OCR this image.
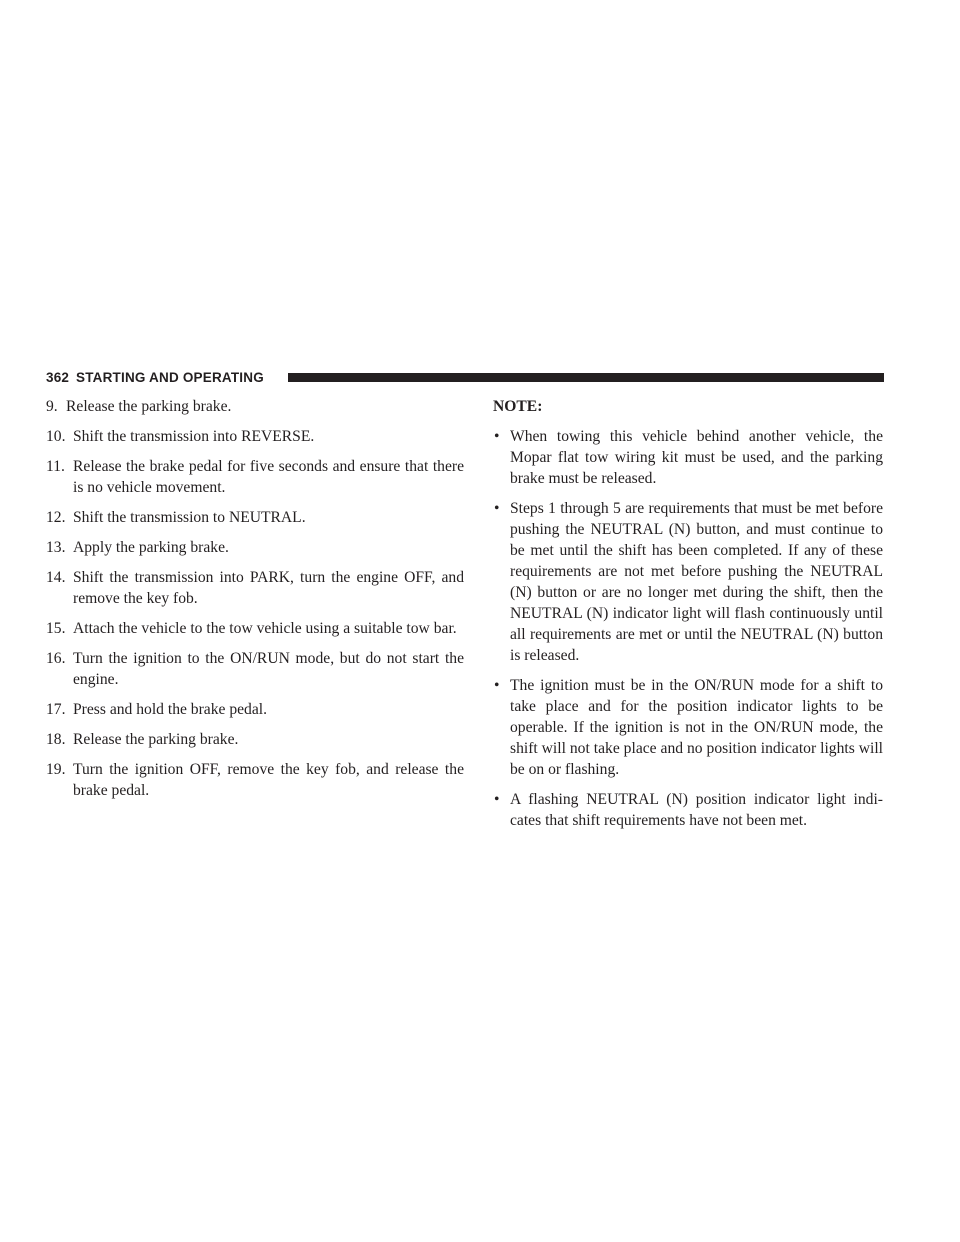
362 STARTING AND OPERATING
9. Release the parking brake.
10. Shift the transmission into REVERSE.
11. Release the brake pedal for five seconds and ensure that there is no vehicle movement.
12. Shift the transmission to NEUTRAL.
13. Apply the parking brake.
14. Shift the transmission into PARK, turn the engine OFF, and remove the key fob.
15. Attach the vehicle to the tow vehicle using a suitable tow bar.
16. Turn the ignition to the ON/RUN mode, but do not start the engine.
17. Press and hold the brake pedal.
18. Release the parking brake.
19. Turn the ignition OFF, remove the key fob, and release the brake pedal.
NOTE:
• When towing this vehicle behind another vehicle, the Mopar flat tow wiring kit must be used, and the parking brake must be released.
• Steps 1 through 5 are requirements that must be met before pushing the NEUTRAL (N) button, and must continue to be met until the shift has been completed. If any of these requirements are not met before pushing the NEUTRAL (N) button or are no longer met during the shift, then the NEUTRAL (N) indicator light will flash continuously until all requirements are met or until the NEUTRAL (N) button is released.
• The ignition must be in the ON/RUN mode for a shift to take place and for the position indicator lights to be operable. If the ignition is not in the ON/RUN mode, the shift will not take place and no position indicator lights will be on or flashing.
• A flashing NEUTRAL (N) position indicator light indi- cates that shift requirements have not been met.
